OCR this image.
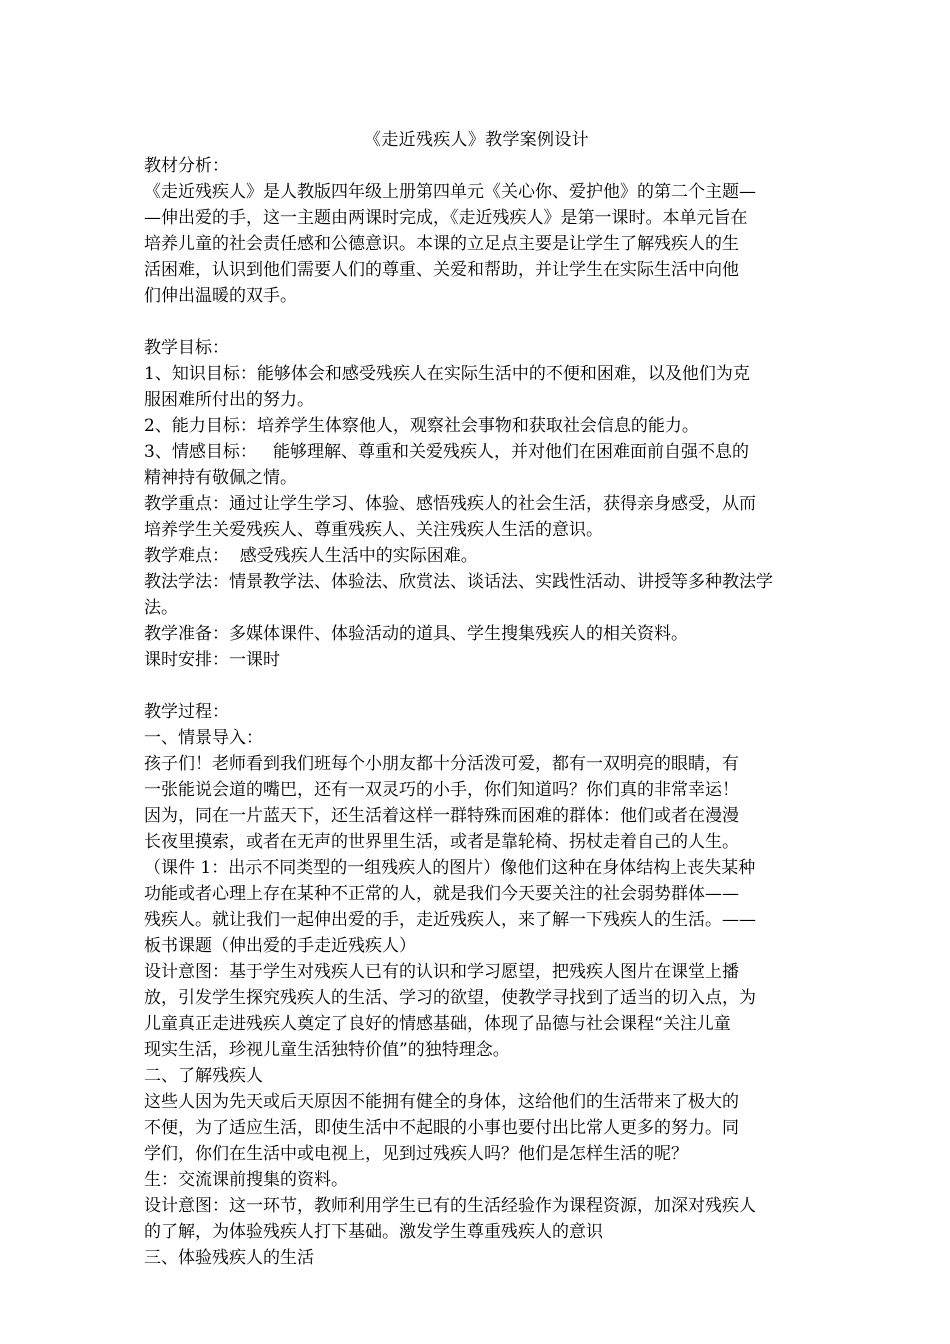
《走近残疾人》教学案例设计
教材分析：
《走近残疾人》是人教版四年级上册第四单元《关心你、爱护他》的第二个主题—
—伸出爱的手，这一主题由两课时完成，《走近残疾人》是第一课时。本单元旨在
培养儿童的社会责任感和公德意识。本课的立足点主要是让学生了解残疾人的生
活困难，认识到他们需要人们的尊重、关爱和帮助，并让学生在实际生活中向他
们伸出温暖的双手。
教学目标：
1、知识目标：能够体会和感受残疾人在实际生活中的不便和困难，以及他们为克
服困难所付出的努力。
2、能力目标：培养学生体察他人，观察社会事物和获取社会信息的能力。
3、情感目标：   能够理解、尊重和关爱残疾人，并对他们在困难面前自强不息的
精神持有敬佩之情。
教学重点：通过让学生学习、体验、感悟残疾人的社会生活，获得亲身感受，从而
培养学生关爱残疾人、尊重残疾人、关注残疾人生活的意识。
教学难点：  感受残疾人生活中的实际困难。
教法学法：情景教学法、体验法、欣赏法、谈话法、实践性活动、讲授等多种教法学
法。
教学准备：多媒体课件、体验活动的道具、学生搜集残疾人的相关资料。
课时安排：一课时
教学过程：
一、情景导入：
孩子们！老师看到我们班每个小朋友都十分活泼可爱，都有一双明亮的眼睛，有
一张能说会道的嘴巴，还有一双灵巧的小手，你们知道吗？你们真的非常幸运！
因为，同在一片蓝天下，还生活着这样一群特殊而困难的群体：他们或者在漫漫
长夜里摸索，或者在无声的世界里生活，或者是靠轮椅、拐杖走着自己的人生。
（课件 1：出示不同类型的一组残疾人的图片）像他们这种在身体结构上丧失某种
功能或者心理上存在某种不正常的人，就是我们今天要关注的社会弱势群体——
残疾人。就让我们一起伸出爱的手，走近残疾人，来了解一下残疾人的生活。——
板书课题（伸出爱的手走近残疾人）
设计意图：基于学生对残疾人已有的认识和学习愿望，把残疾人图片在课堂上播
放，引发学生探究残疾人的生活、学习的欲望，使教学寻找到了适当的切入点，为
儿童真正走进残疾人奠定了良好的情感基础，体现了品德与社会课程“关注儿童
现实生活，珍视儿童生活独特价值”的独特理念。
二、了解残疾人
这些人因为先天或后天原因不能拥有健全的身体，这给他们的生活带来了极大的
不便，为了适应生活，即使生活中不起眼的小事也要付出比常人更多的努力。同
学们，你们在生活中或电视上，见到过残疾人吗？他们是怎样生活的呢？
生：交流课前搜集的资料。
设计意图：这一环节，教师利用学生已有的生活经验作为课程资源，加深对残疾人
的了解，为体验残疾人打下基础。激发学生尊重残疾人的意识
三、体验残疾人的生活
